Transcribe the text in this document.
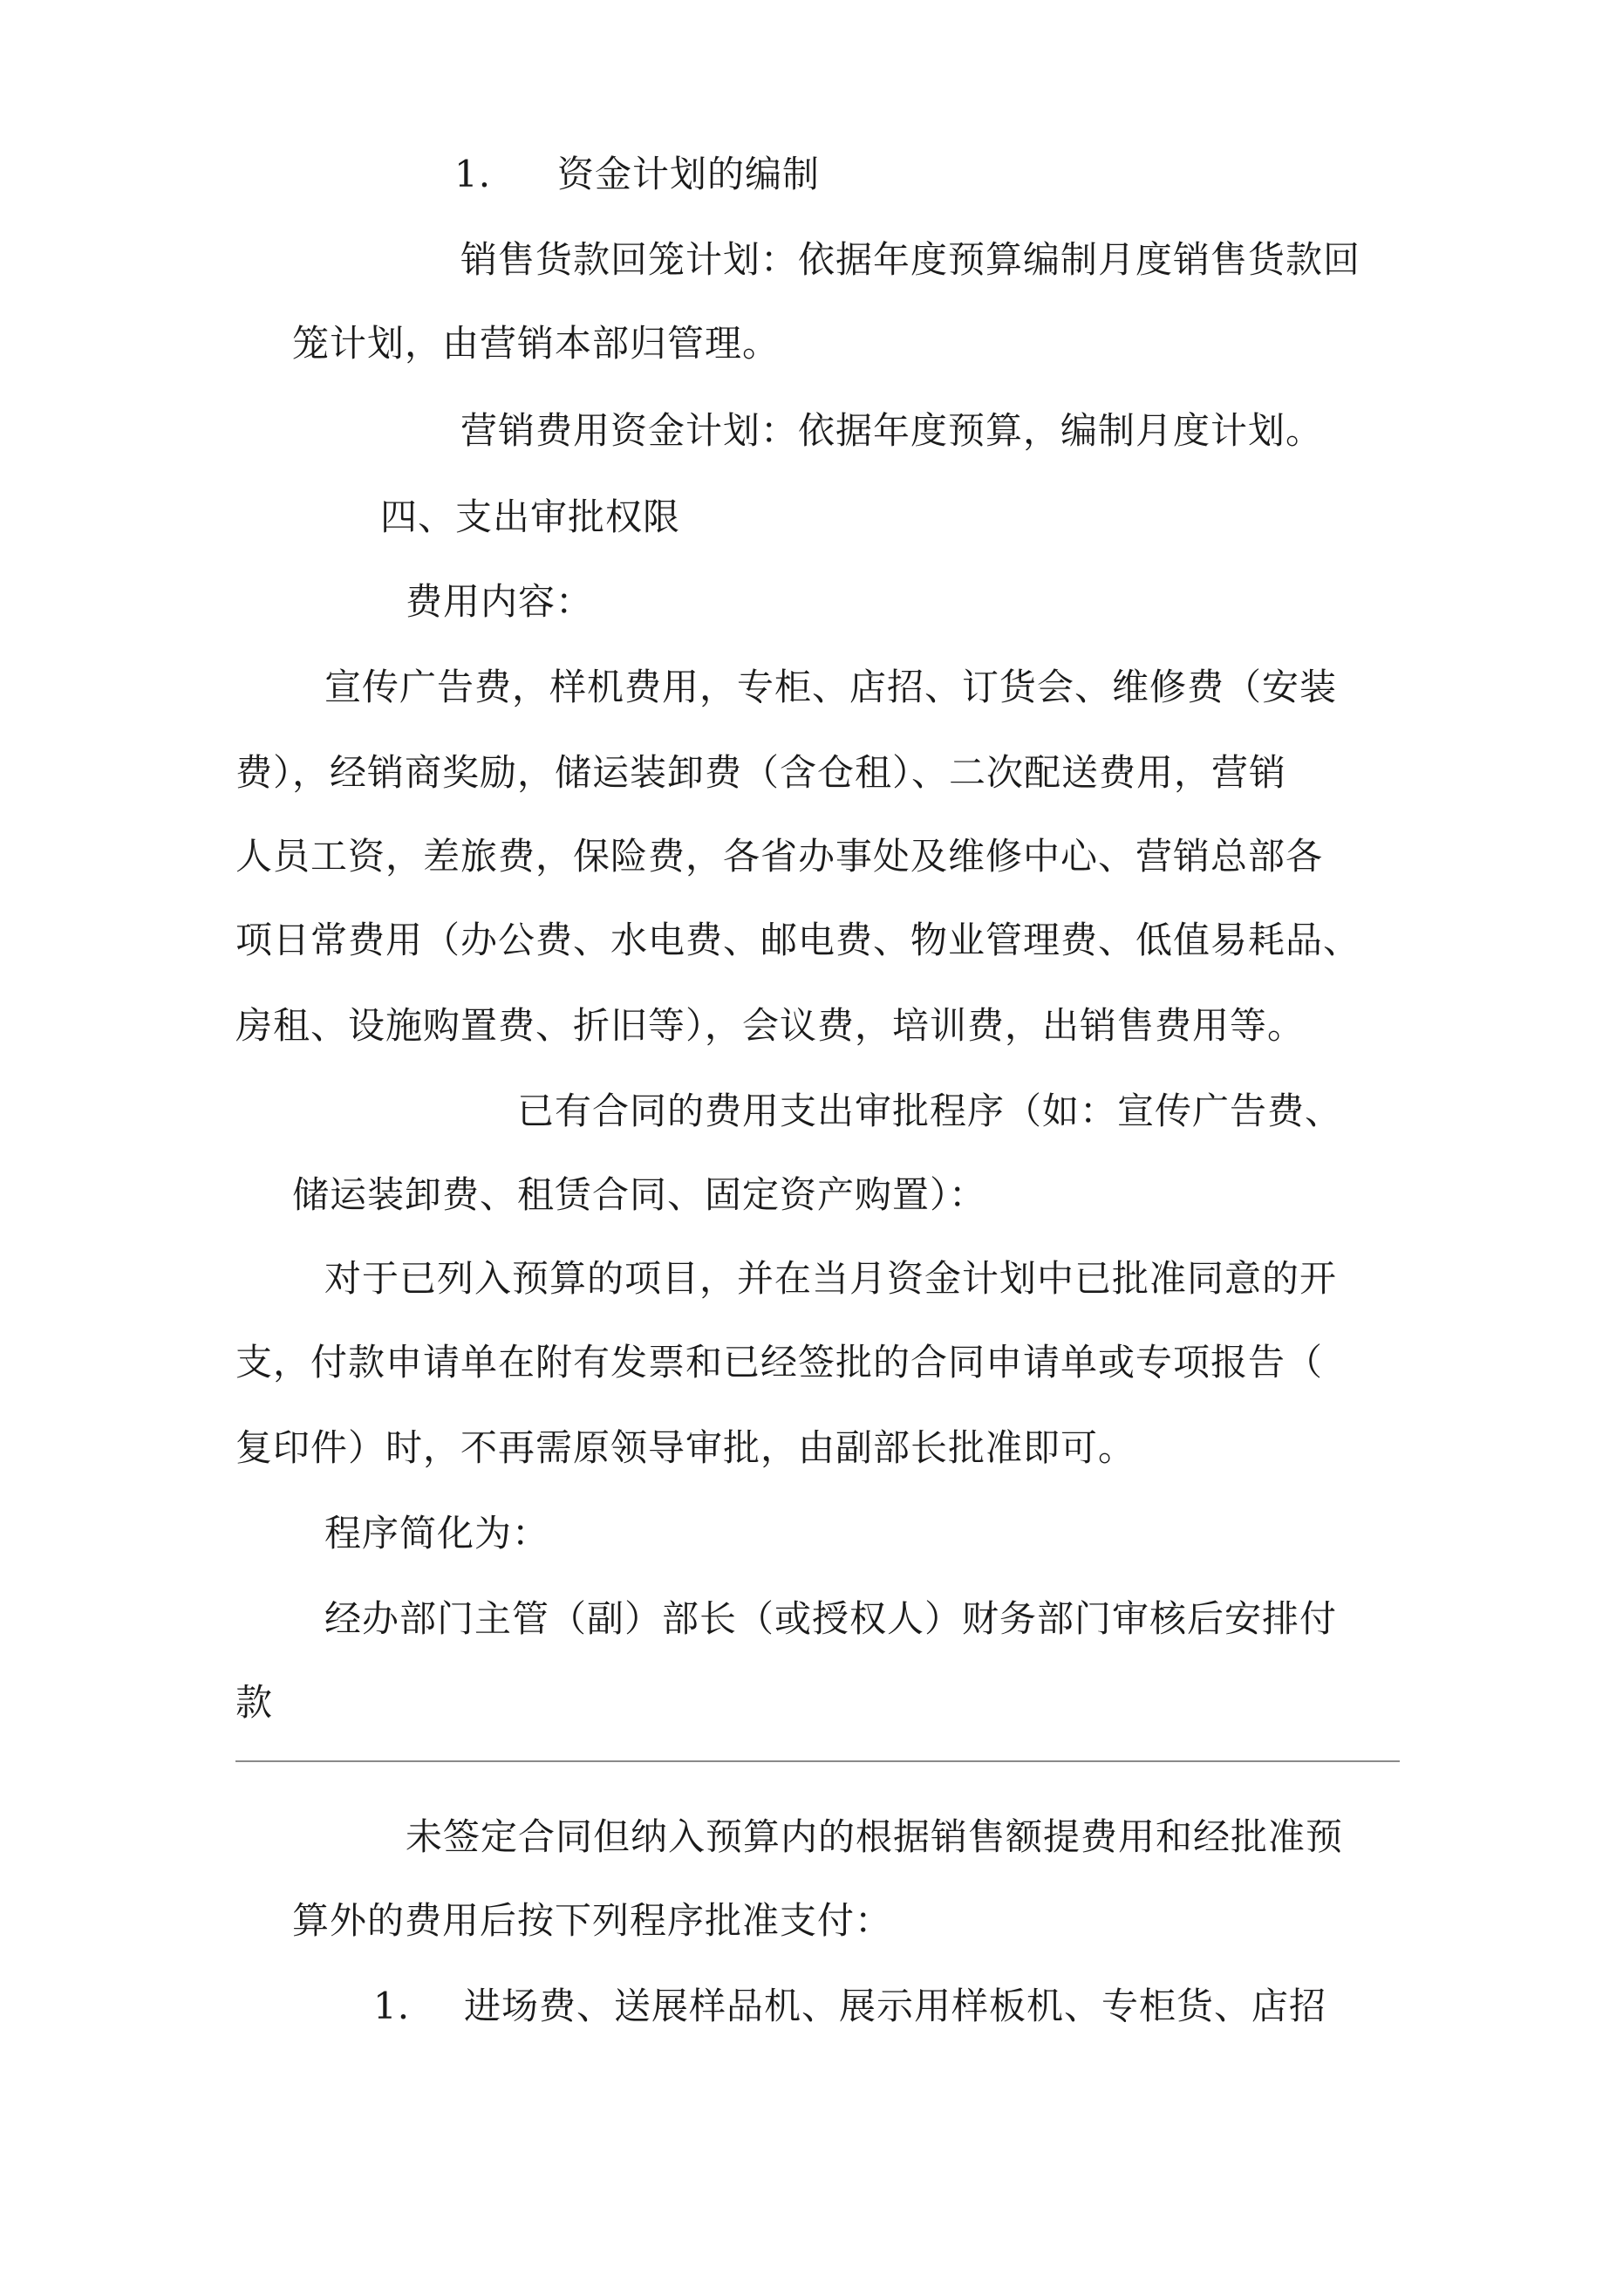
1. 资金计划的编制
销售货款回笼计划：依据年度预算编制月度销售货款回
笼计划，由营销本部归管理。
营销费用资金计划：依据年度预算，编制月度计划。
四、支出审批权限
费用内容：
宣传广告费，样机费用，专柜、店招、订货会、维修费（安装
费），经销商奖励，储运装卸费（含仓租）、二次配送费用，营销
人员工资，差旅费，保险费，各省办事处及维修中心、营销总部各
项日常费用（办公费、水电费、邮电费、物业管理费、低值易耗品、
房租、设施购置费、折旧等），会议费，培训费，出销售费用等。
已有合同的费用支出审批程序（如：宣传广告费、
储运装卸费、租赁合同、固定资产购置）：
对于已列入预算的项目，并在当月资金计划中已批准同意的开
支，付款申请单在附有发票和已经签批的合同申请单或专项报告（
复印件）时，不再需原领导审批，由副部长批准即可。
程序简化为：
经办部门主管（副）部长（或授权人）财务部门审核后安排付
款
未签定合同但纳入预算内的根据销售额提费用和经批准预
算外的费用后按下列程序批准支付：
1. 进场费、送展样品机、展示用样板机、专柜货、店招
